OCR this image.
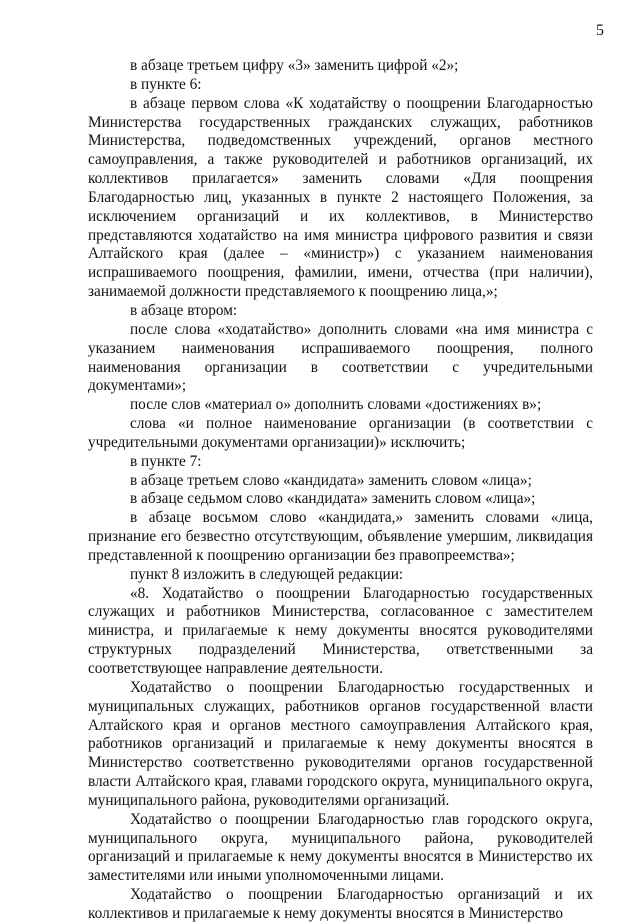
5

в абзаце третьем цифру «3» заменить цифрой «2»;

в пункте 6:

в абзаце первом слова «К ходатайству о поощрении Благодарностью Министерства государственных гражданских служащих, работников Министерства, подведомственных учреждений, органов местного самоуправления, а также руководителей и работников организаций, их коллективов прилагается» заменить словами «Для поощрения Благодарностью лиц, указанных в пункте 2 настоящего Положения, за исключением организаций и их коллективов, в Министерство представляются ходатайство на имя министра цифрового развития и связи Алтайского края (далее – «министр») с указанием наименования испрашиваемого поощрения, фамилии, имени, отчества (при наличии), занимаемой должности представляемого к поощрению лица,»;

в абзаце втором:

после слова «ходатайство» дополнить словами «на имя министра с указанием наименования испрашиваемого поощрения, полного наименования организации в соответствии с учредительными документами»;

после слов «материал о» дополнить словами «достижениях в»;

слова «и полное наименование организации (в соответствии с учредительными документами организации)» исключить;

в пункте 7:

в абзаце третьем слово «кандидата» заменить словом «лица»;

в абзаце седьмом слово «кандидата» заменить словом «лица»;

в абзаце восьмом слово «кандидата,» заменить словами «лица, признание его безвестно отсутствующим, объявление умершим, ликвидация представленной к поощрению организации без правопреемства»;

пункт 8 изложить в следующей редакции:

«8. Ходатайство о поощрении Благодарностью государственных служащих и работников Министерства, согласованное с заместителем министра, и прилагаемые к нему документы вносятся руководителями структурных подразделений Министерства, ответственными за соответствующее направление деятельности.

Ходатайство о поощрении Благодарностью государственных и муниципальных служащих, работников органов государственной власти Алтайского края и органов местного самоуправления Алтайского края, работников организаций и прилагаемые к нему документы вносятся в Министерство соответственно руководителями органов государственной власти Алтайского края, главами городского округа, муниципального округа, муниципального района, руководителями организаций.

Ходатайство о поощрении Благодарностью глав городского округа, муниципального округа, муниципального района, руководителей организаций и прилагаемые к нему документы вносятся в Министерство их заместителями или иными уполномоченными лицами.

Ходатайство о поощрении Благодарностью организаций и их коллективов и прилагаемые к нему документы вносятся в Министерство
